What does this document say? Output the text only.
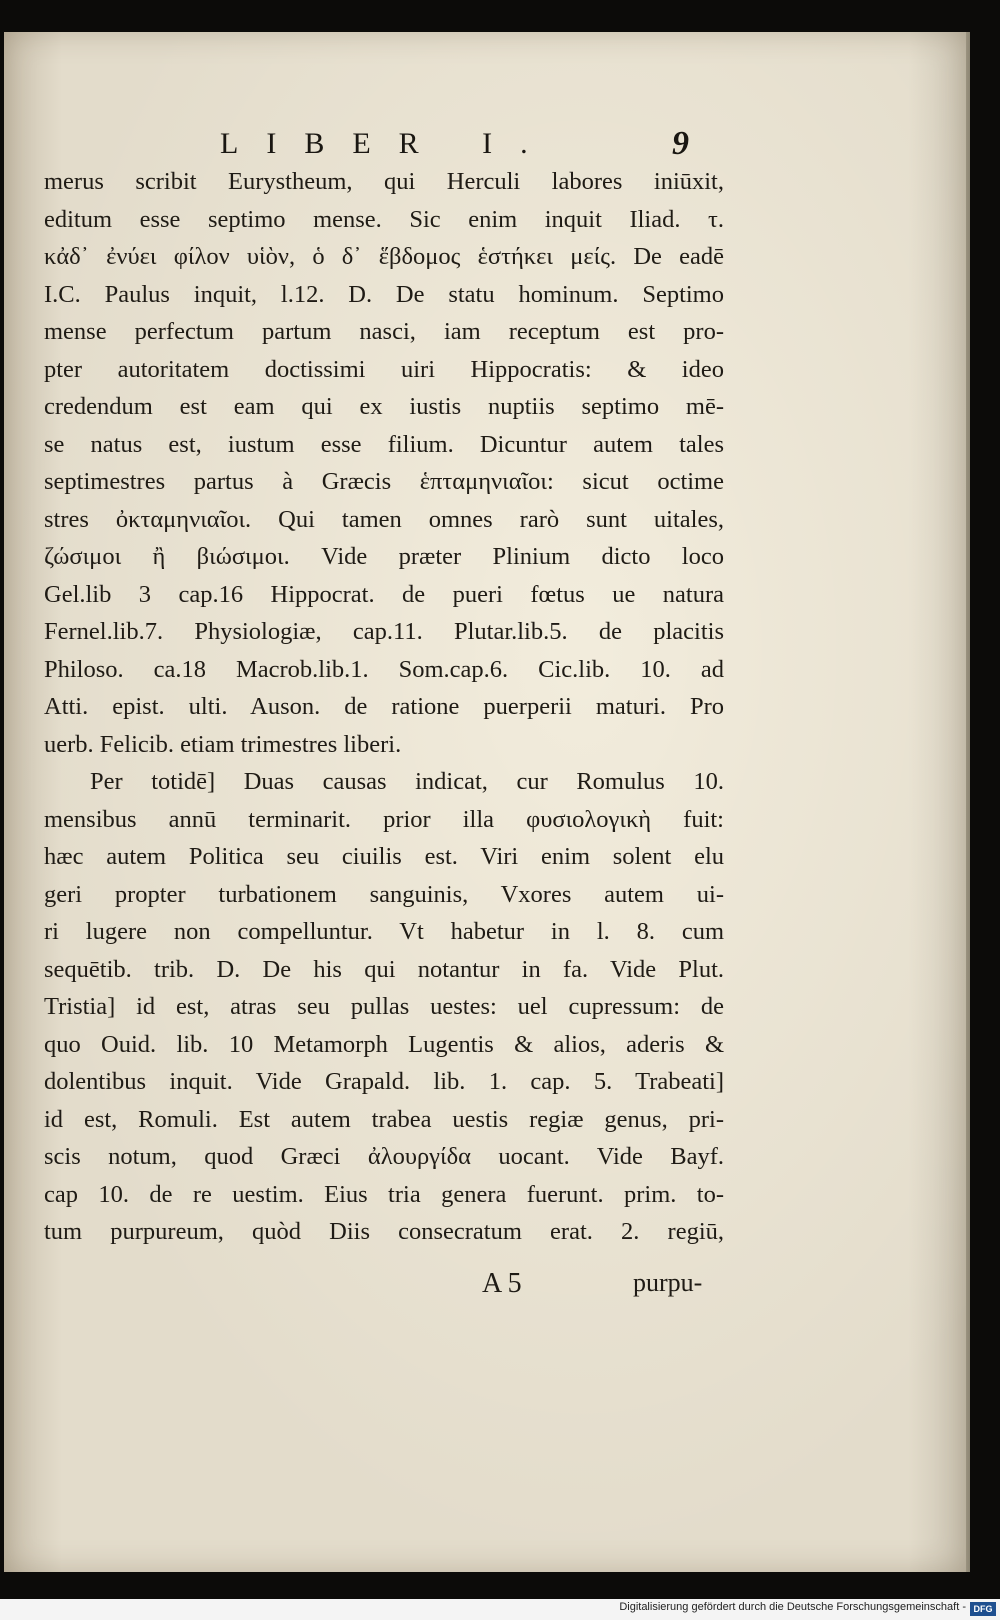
LIBER I.	9
merus scribit Eurystheum, qui Herculi labores iniūxit,
editum esse septimo mense. Sic enim inquit Iliad. τ.
κἀδ᾽ ἐνύει φίλον υἱὸν, ὁ δ᾽ ἕβδομος ἑστήκει μείς. De eadē
I.C. Paulus inquit, l.12. D. De statu hominum. Septimo
mense perfectum partum nasci, iam receptum est pro-
pter autoritatem doctissimi uiri Hippocratis: & ideo
credendum est eam qui ex iustis nuptiis septimo mē-
se natus est, iustum esse filium. Dicuntur autem tales
septimestres partus à Græcis ἑπταμηνιαῖοι: sicut octime
stres ὀκταμηνιαῖοι. Qui tamen omnes rarò sunt uitales,
ζώσιμοι ἢ βιώσιμοι. Vide præter Plinium dicto loco
Gel.lib 3 cap.16 Hippocrat. de pueri fœtus ue natura
Fernel.lib.7. Physiologiæ, cap.11. Plutar.lib.5. de placitis
Philoso. ca.18 Macrob.lib.1. Som.cap.6. Cic.lib. 10. ad
Atti. epist. ulti. Auson. de ratione puerperii maturi. Pro
uerb. Felicib. etiam trimestres liberi.
Per totidē] Duas causas indicat, cur Romulus 10.
mensibus annū terminarit. prior illa φυσιολογικὴ fuit:
hæc autem Politica seu ciuilis est. Viri enim solent elu
geri propter turbationem sanguinis, Vxores autem ui-
ri lugere non compelluntur. Vt habetur in l. 8. cum
sequētib. trib. D. De his qui notantur in fa. Vide Plut.
Tristia] id est, atras seu pullas uestes: uel cupressum: de
quo Ouid. lib. 10 Metamorph Lugentis & alios, aderis &
dolentibus inquit. Vide Grapald. lib. 1. cap. 5. Trabeati]
id est, Romuli. Est autem trabea uestis regiæ genus, pri-
scis notum, quod Græci ἀλουργίδα uocant. Vide Bayf.
cap 10. de re uestim. Eius tria genera fuerunt. prim. to-
tum purpureum, quòd Diis consecratum erat. 2. regiū,
A 5	purpu-
Digitalisierung gefördert durch die Deutsche Forschungsgemeinschaft - DFG
